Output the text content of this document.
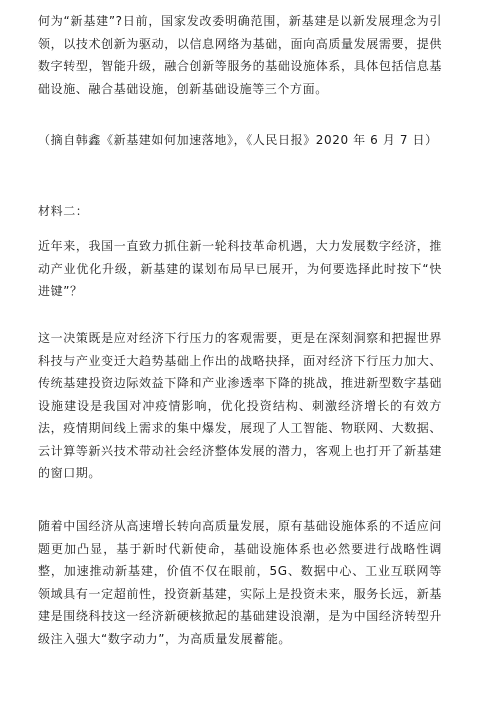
何为“新基建”?日前，国家发改委明确范围，新基建是以新发展理念为引领，以技术创新为驱动，以信息网络为基础，面向高质量发展需要，提供数字转型，智能升级，融合创新等服务的基础设施体系，具体包括信息基础设施、融合基础设施，创新基础设施等三个方面。

（摘自韩鑫《新基建如何加速落地》，《人民日报》2020 年 6 月 7 日）

材料二：

近年来，我国一直致力抓住新一轮科技革命机遇，大力发展数字经济，推动产业优化升级，新基建的谋划布局早已展开，为何要选择此时按下“快进键”？

这一决策既是应对经济下行压力的客观需要，更是在深刻洞察和把握世界科技与产业变迁大趋势基础上作出的战略抉择，面对经济下行压力加大、传统基建投资边际效益下降和产业渗透率下降的挑战，推进新型数字基础设施建设是我国对冲疫情影响，优化投资结构、刺激经济增长的有效方法，疫情期间线上需求的集中爆发，展现了人工智能、物联网、大数据、云计算等新兴技术带动社会经济整体发展的潜力，客观上也打开了新基建的窗口期。

随着中国经济从高速增长转向高质量发展，原有基础设施体系的不适应问题更加凸显，基于新时代新使命，基础设施体系也必然要进行战略性调整，加速推动新基建，价值不仅在眼前，5G、数据中心、工业互联网等领域具有一定超前性，投资新基建，实际上是投资未来，服务长远，新基建是围绕科技这一经济新硬核掀起的基础建设浪潮，是为中国经济转型升级注入强大“数字动力”，为高质量发展蓄能。
